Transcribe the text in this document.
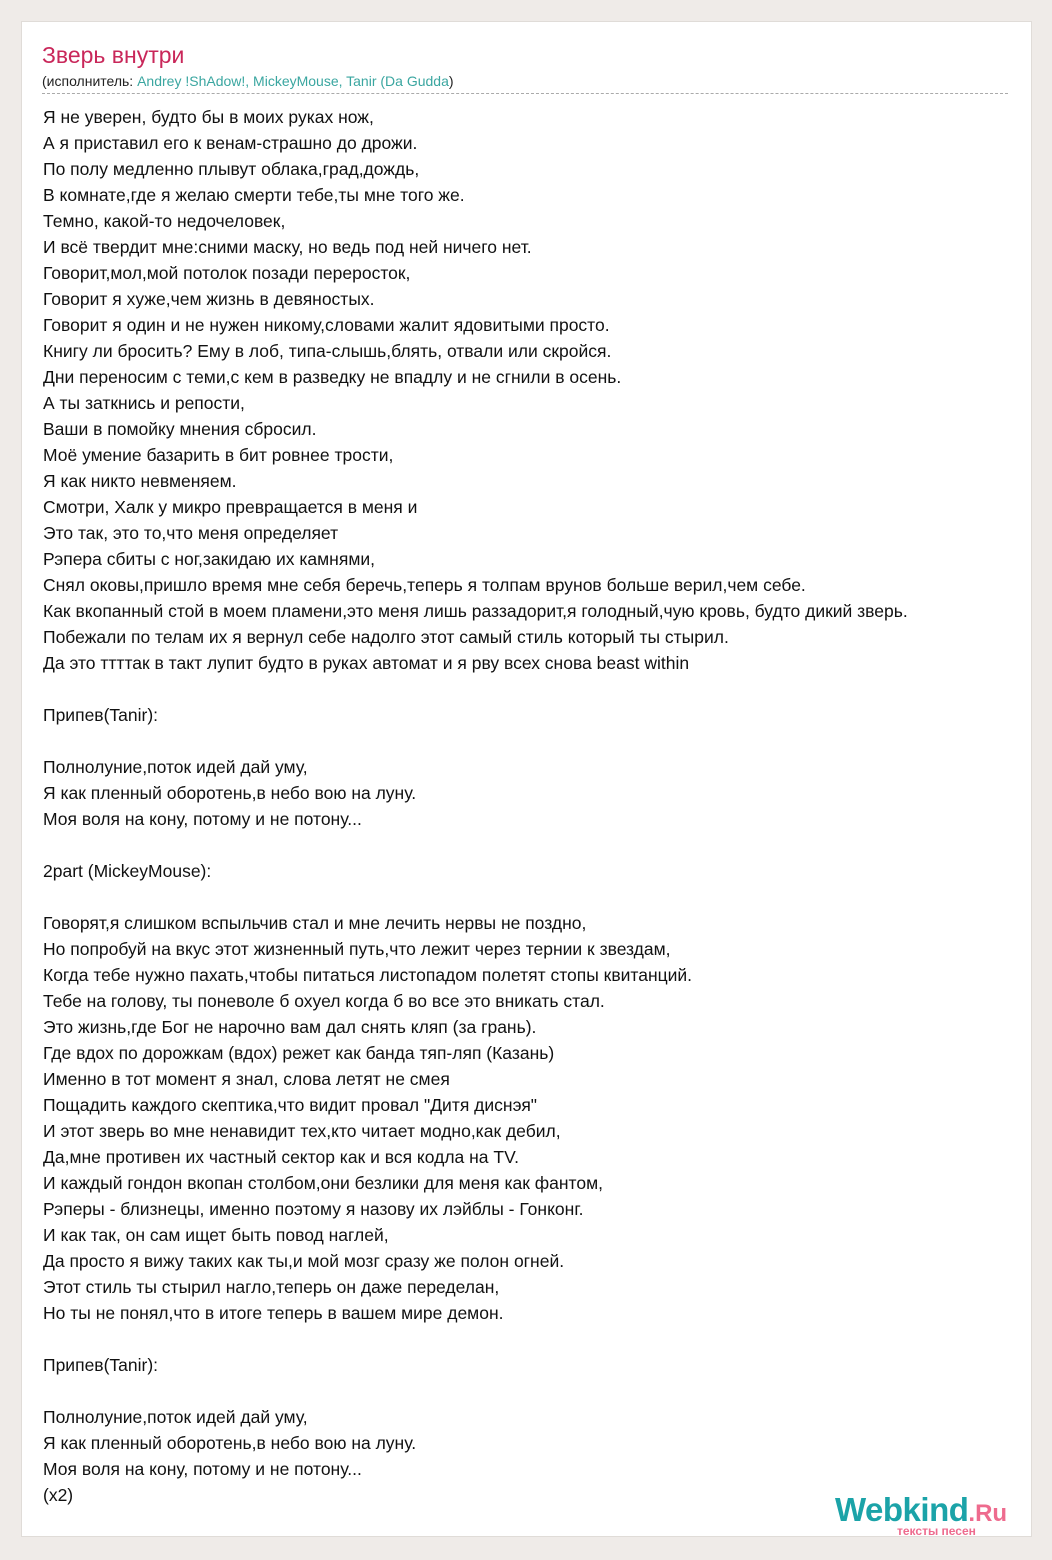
Зверь внутри
(исполнитель: Andrey !ShAdow!, MickeyMouse, Tanir (Da Gudda)
Я не уверен, будто бы в моих руках нож,
А я приставил его к венам-страшно до дрожи.
По полу медленно плывут облака,град,дождь,
В комнате,где я желаю смерти тебе,ты мне того же.
Темно, какой-то недочеловек,
И всё твердит мне:сними маску, но ведь под ней ничего нет.
Говорит,мол,мой потолок позади переросток,
Говорит я хуже,чем жизнь в девяностых.
Говорит я один и не нужен никому,словами жалит ядовитыми просто.
Книгу ли бросить? Ему в лоб, типа-слышь,блять, отвали или скройся.
Дни переносим с теми,с кем в разведку не впадлу и не сгнили в осень.
А ты заткнись и репости,
Ваши в помойку мнения сбросил.
Моё умение базарить в бит ровнее трости,
Я как никто невменяем.
Смотри, Халк у микро превращается в меня и
Это так, это то,что меня определяет
Рэпера сбиты с ног,закидаю их камнями,
Снял оковы,пришло время мне себя беречь,теперь я толпам врунов больше верил,чем себе.
Как вкопанный стой в моем пламени,это меня лишь раззадорит,я голодный,чую кровь, будто дикий зверь.
Побежали по телам их я вернул себе надолго этот самый стиль который ты стырил.
Да это ттттак в такт лупит будто в руках автомат и я рву всех снова beast within
Припев(Tanir):
Полнолуние,поток идей дай уму,
Я как пленный оборотень,в небо вою на луну.
Моя воля на кону, потому и не потону...
2part (MickeyMouse):
Говорят,я слишком вспыльчив стал и мне лечить нервы не поздно,
Но попробуй на вкус этот жизненный путь,что лежит через тернии к звездам,
Когда тебе нужно пахать,чтобы питаться листопадом полетят стопы квитанций.
Тебе на голову, ты поневоле б охуел когда б во все это вникать стал.
Это жизнь,где Бог не нарочно вам дал снять кляп (за грань).
Где вдох по дорожкам (вдох) режет как банда тяп-ляп (Казань)
Именно в тот момент я знал, слова летят не смея
Пощадить каждого скептика,что видит провал "Дитя диснэя"
И этот зверь во мне ненавидит тех,кто читает модно,как дебил,
Да,мне противен их частный сектор как и вся кодла на TV.
И каждый гондон вкопан столбом,они безлики для меня как фантом,
Рэперы - близнецы, именно поэтому я назову их лэйблы - Гонконг.
И как так, он сам ищет быть повод наглей,
Да просто я вижу таких как ты,и мой мозг сразу же полон огней.
Этот стиль ты стырил нагло,теперь он даже переделан,
Но ты не понял,что в итоге теперь в вашем мире демон.
Припев(Tanir):
Полнолуние,поток идей дай уму,
Я как пленный оборотень,в небо вою на луну.
Моя воля на кону, потому и не потону...
(x2)	Webkind.Ru
тексты песен
